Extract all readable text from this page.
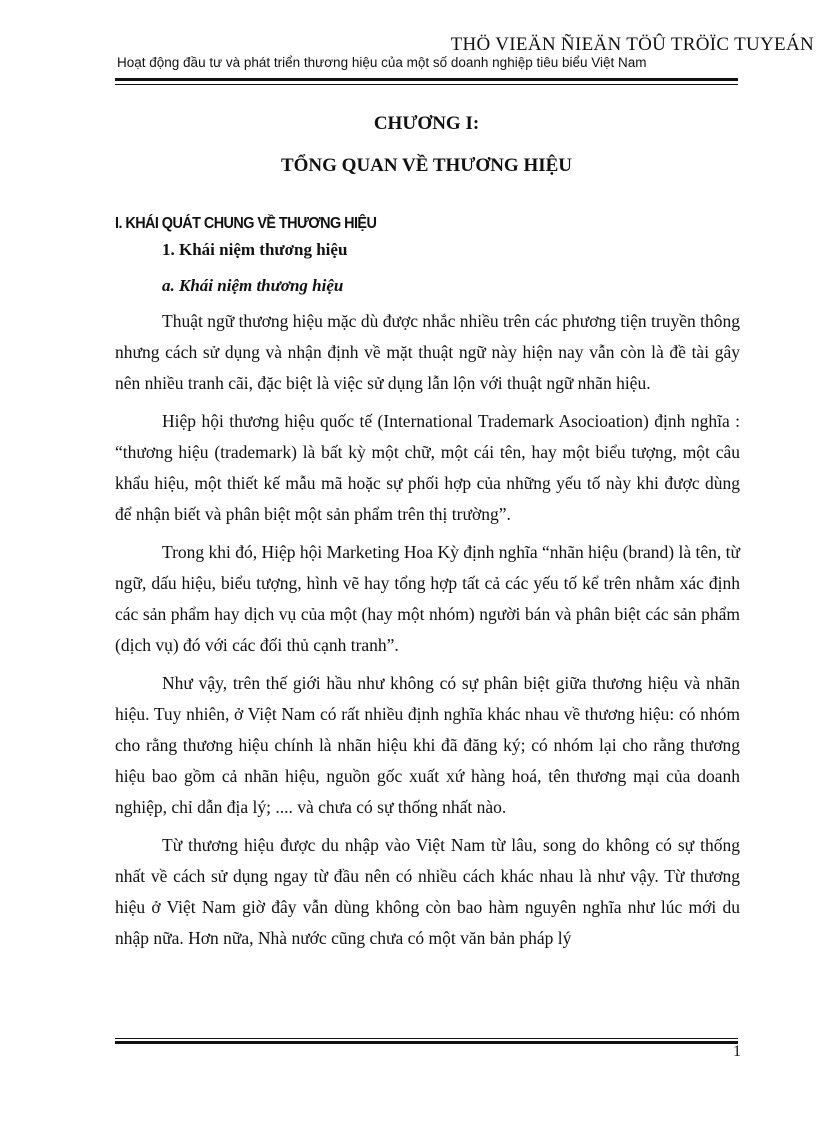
THÖ VIEÄN ÑIEÄN TÖÛ TRÖÏC TUYEÁN
Hoạt động đầu tư và phát triển thương hiệu của một số doanh nghiệp tiêu biểu Việt Nam
CHƯƠNG I:
TỔNG QUAN VỀ THƯƠNG HIỆU
I. KHÁI QUÁT CHUNG VỀ THƯƠNG HIỆU
1. Khái niệm thương hiệu
a. Khái niệm thương hiệu

Thuật ngữ thương hiệu mặc dù được nhắc nhiều trên các phương tiện truyền thông nhưng cách sử dụng và nhận định về mặt thuật ngữ này hiện nay vẫn còn là đề tài gây nên nhiều tranh cãi, đặc biệt là việc sử dụng lẫn lộn với thuật ngữ nhãn hiệu.

Hiệp hội thương hiệu quốc tế (International Trademark Asocioation) định nghĩa : “thương hiệu (trademark) là bất kỳ một chữ, một cái tên, hay một biểu tượng, một câu khẩu hiệu, một thiết kế mẫu mã hoặc sự phối hợp của những yếu tố này khi được dùng để nhận biết và phân biệt một sản phẩm trên thị trường”.

Trong khi đó, Hiệp hội Marketing Hoa Kỳ định nghĩa “nhãn hiệu (brand) là tên, từ ngữ, dấu hiệu, biểu tượng, hình vẽ hay tổng hợp tất cả các yếu tố kể trên nhằm xác định các sản phẩm hay dịch vụ của một (hay một nhóm) người bán và phân biệt các sản phẩm (dịch vụ) đó với các đối thủ cạnh tranh”.

Như vậy, trên thế giới hầu như không có sự phân biệt giữa thương hiệu và nhãn hiệu. Tuy nhiên, ở Việt Nam có rất nhiều định nghĩa khác nhau về thương hiệu: có nhóm cho rằng thương hiệu chính là nhãn hiệu khi đã đăng ký; có nhóm lại cho rằng thương hiệu bao gồm cả nhãn hiệu, nguồn gốc xuất xứ hàng hoá, tên thương mại của doanh nghiệp, chỉ dẫn địa lý; .... và chưa có sự thống nhất nào.

Từ thương hiệu được du nhập vào Việt Nam từ lâu, song do không có sự thống nhất về cách sử dụng ngay từ đầu nên có nhiều cách khác nhau là như vậy. Từ thương hiệu ở Việt Nam giờ đây vẫn dùng không còn bao hàm nguyên nghĩa như lúc mới du nhập nữa. Hơn nữa, Nhà nước cũng chưa có một văn bản pháp lý

1
